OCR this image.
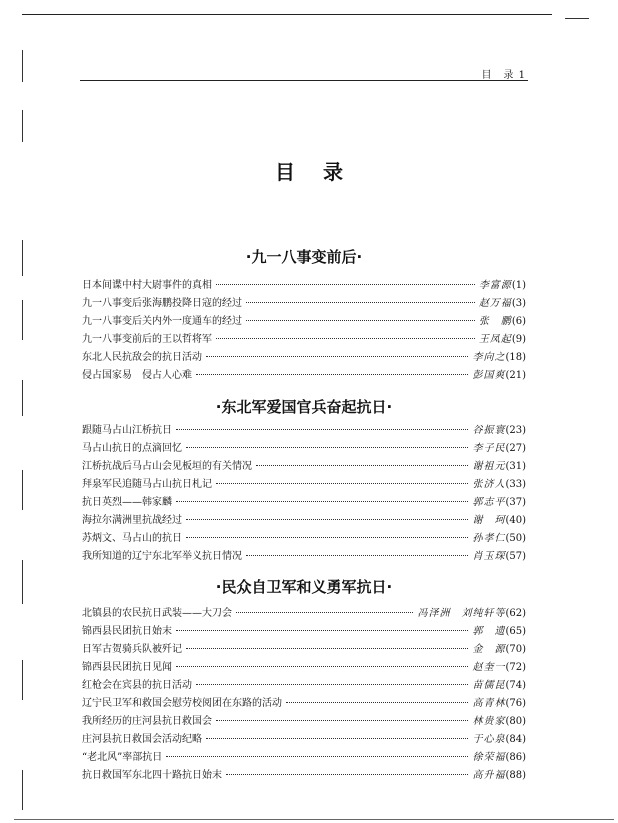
目　录 1
目录
·九一八事变前后·
日本间谍中村大尉事件的真相	李富源 ( 1 )
九一八事变后张海鹏投降日寇的经过	赵万福 ( 3 )
九一八事变后关内外一度通车的经过	张　鹏 ( 6 )
九一八事变前后的王以哲将军	王凤起 ( 9 )
东北人民抗敌会的抗日活动	李向之 ( 18 )
侵占国家易　侵占人心难	彭国爽 ( 21 )
·东北军爱国官兵奋起抗日·
跟随马占山江桥抗日	谷振寰 ( 23 )
马占山抗日的点滴回忆	李子民 ( 27 )
江桥抗战后马占山会见板垣的有关情况	谢祖元 ( 31 )
拜泉军民追随马占山抗日札记	张济人 ( 33 )
抗日英烈——韩家麟	郭志平 ( 37 )
海拉尔满洲里抗战经过	谢　珂 ( 40 )
苏炳文、马占山的抗日	孙孝仁 ( 50 )
我所知道的辽宁东北军举义抗日情况	肖玉琛 ( 57 )
·民众自卫军和义勇军抗日·
北镇县的农民抗日武装——大刀会	冯泽洲　刘纯轩等 ( 62 )
锦西县民团抗日始末	郭　遗 ( 65 )
日军古贺骑兵队被歼记	金　源 ( 70 )
锦西县民团抗日见闻	赵奎一 ( 72 )
红枪会在宾县的抗日活动	苗儒昆 ( 74 )
辽宁民卫军和救国会慰劳校阅团在东路的活动	高青林 ( 76 )
我所经历的庄河县抗日救国会	林贵家 ( 80 )
庄河县抗日救国会活动纪略	于心泉 ( 84 )
“老北风”率部抗日	徐荣福 ( 86 )
抗日救国军东北四十路抗日始末	高升福 ( 88 )
